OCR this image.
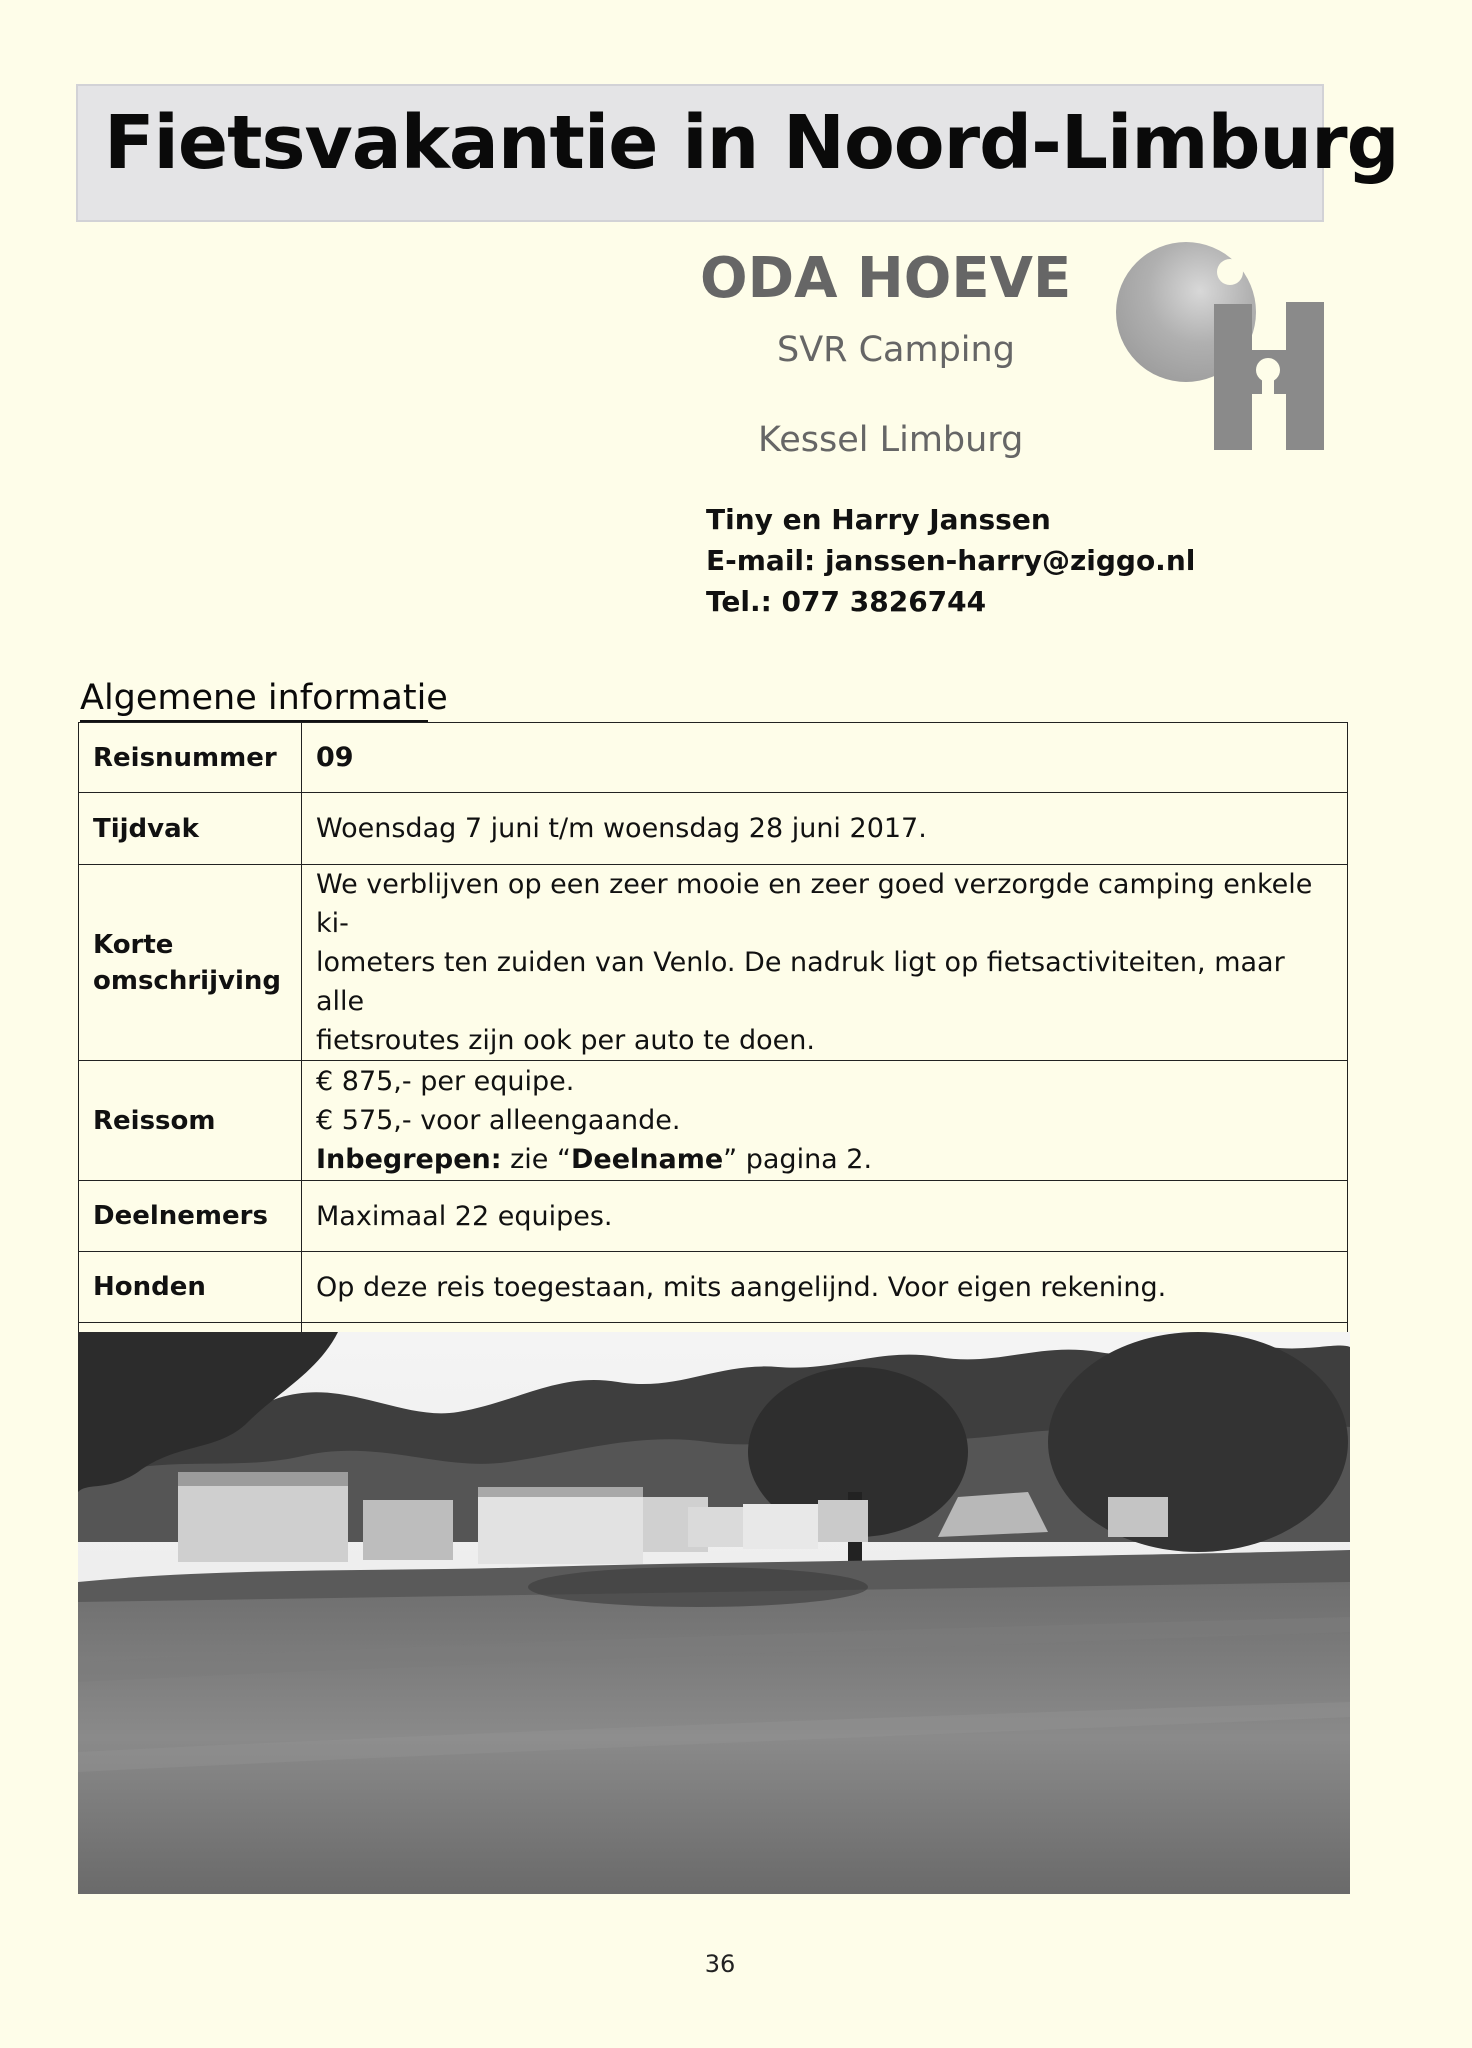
Fietsvakantie in Noord-Limburg
ODA HOEVE
SVR Camping
Kessel Limburg
Tiny en Harry Janssen
E-mail: janssen-harry@ziggo.nl
Tel.: 077 3826744
Algemene informatie
Reisnummer	09
Tijdvak	Woensdag 7 juni t/m woensdag 28 juni 2017.

Korte
omschrijving	We verblijven op een zeer mooie en zeer goed verzorgde camping enkele ki-
lometers ten zuiden van Venlo. De nadruk ligt op fietsactiviteiten, maar alle
fietsroutes zijn ook per auto te doen.

Reissom	€ 875,- per equipe.
€ 575,- voor alleengaande.
Inbegrepen: zie “Deelname” pagina 2.

Deelnemers	Maximaal 22 equipes.
Honden	Op deze reis toegestaan, mits aangelijnd. Voor eigen rekening.

36
